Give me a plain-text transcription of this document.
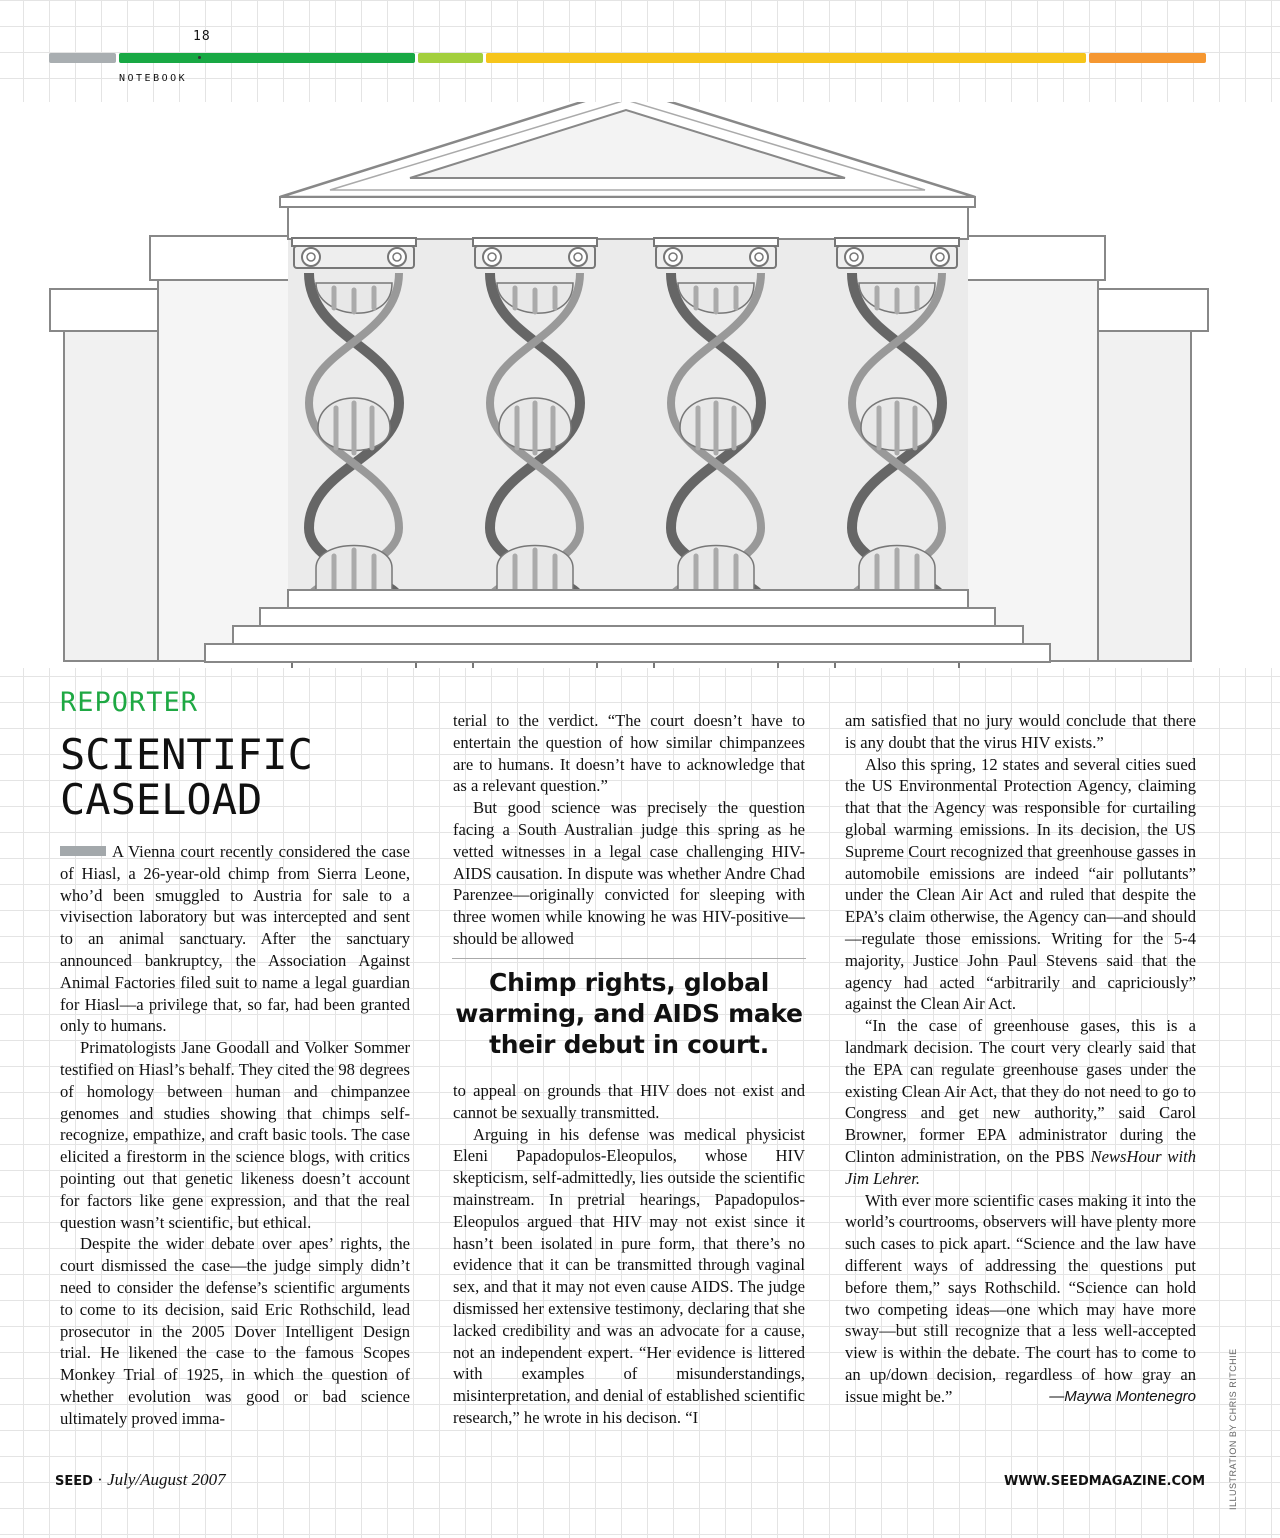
18
NOTEBOOK
REPORTER
SCIENTIFIC
CASELOAD

A Vienna court recently considered the case of Hiasl, a 26-year-old chimp from Sierra Leone, who’d been smuggled to Austria for sale to a vivisection laboratory but was intercepted and sent to an animal sanctuary. After the sanctuary announced bankruptcy, the Association Against Animal Factories filed suit to name a legal guardian for Hiasl—a privilege that, so far, had been granted only to humans.

Primatologists Jane Goodall and Volker Sommer testified on Hiasl’s behalf. They cited the 98 degrees of homology between human and chimpanzee genomes and studies showing that chimps self-recognize, empathize, and craft basic tools. The case elicited a firestorm in the science blogs, with critics pointing out that genetic likeness doesn’t account for factors like gene expression, and that the real question wasn’t scientific, but ethical.

Despite the wider debate over apes’ rights, the court dismissed the case—the judge simply didn’t need to consider the defense’s scientific arguments to come to its decision, said Eric Rothschild, lead prosecutor in the 2005 Dover Intelligent Design trial. He likened the case to the famous Scopes Monkey Trial of 1925, in which the question of whether evolution was good or bad science ultimately proved imma-

terial to the verdict. “The court doesn’t have to entertain the question of how similar chimpanzees are to humans. It doesn’t have to acknowledge that as a relevant question.”

But good science was precisely the question facing a South Australian judge this spring as he vetted witnesses in a legal case challenging HIV-AIDS causation. In dispute was whether Andre Chad Parenzee—originally convicted for sleeping with three women while knowing he was HIV-positive—should be allowed

Chimp rights, global warming, and AIDS make their debut in court.

to appeal on grounds that HIV does not exist and cannot be sexually transmitted.

Arguing in his defense was medical physicist Eleni Papadopulos-Eleopulos, whose HIV skepticism, self-admittedly, lies outside the scientific mainstream. In pretrial hearings, Papadopulos-Eleopulos argued that HIV may not exist since it hasn’t been isolated in pure form, that there’s no evidence that it can be transmitted through vaginal sex, and that it may not even cause AIDS. The judge dismissed her extensive testimony, declaring that she lacked credibility and was an advocate for a cause, not an independent expert. “Her evidence is littered with examples of misunderstandings, misinterpretation, and denial of established scientific research,” he wrote in his decison. “I

am satisfied that no jury would conclude that there is any doubt that the virus HIV exists.”

Also this spring, 12 states and several cities sued the US Environmental Protection Agency, claiming that that the Agency was responsible for curtailing global warming emissions. In its decision, the US Supreme Court recognized that greenhouse gasses in automobile emissions are indeed “air pollutants” under the Clean Air Act and ruled that despite the EPA’s claim otherwise, the Agency can—and should—regulate those emissions. Writing for the 5-4 majority, Justice John Paul Stevens said that the agency had acted “arbitrarily and capriciously” against the Clean Air Act.

“In the case of greenhouse gases, this is a landmark decision. The court very clearly said that the EPA can regulate greenhouse gases under the existing Clean Air Act, that they do not need to go to Congress and get new authority,” said Carol Browner, former EPA administrator during the Clinton administration, on the PBS NewsHour with Jim Lehrer.

With ever more scientific cases making it into the world’s courtrooms, observers will have plenty more such cases to pick apart. “Science and the law have different ways of addressing the questions put before them,” says Rothschild. “Science can hold two competing ideas—one which may have more sway—but still recognize that a less well-accepted view is within the debate. The court has to come to an up/down decision, regardless of how gray an issue might be.”	—Maywa Montenegro	ILLUSTRATION BY CHRIS RITCHIE
SEED · July/August 2007	WWW.SEEDMAGAZINE.COM
